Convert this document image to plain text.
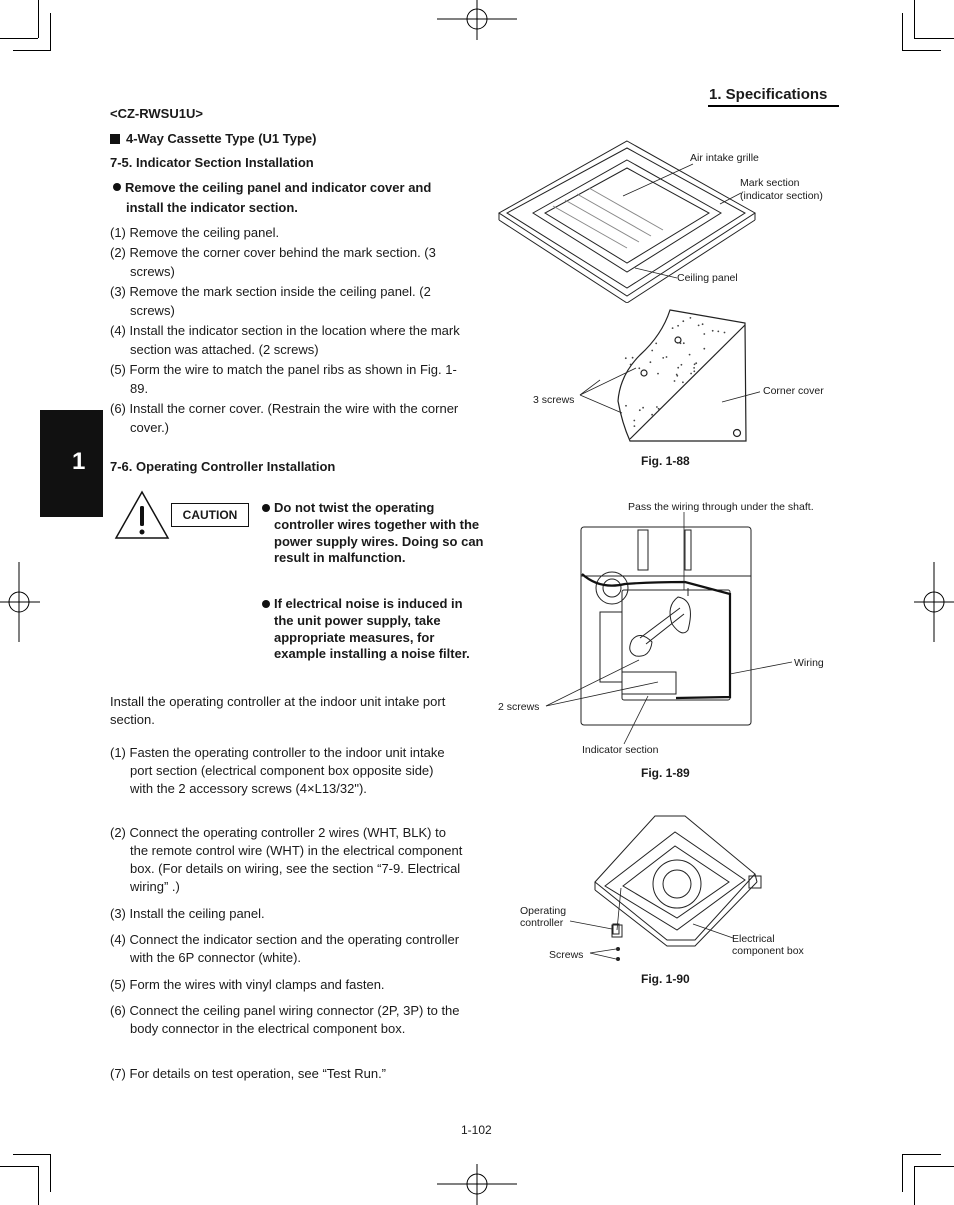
1. Specifications
<CZ-RWSU1U>
4-Way Cassette Type (U1 Type)
1
7-5. Indicator Section Installation
Remove the ceiling panel and indicator cover and
install the indicator section.
(1) Remove the ceiling panel.
(2) Remove the corner cover behind the mark section. (3 screws)
(3) Remove the mark section inside the ceiling panel. (2 screws)
(4) Install the indicator section in the location where the mark section was attached. (2 screws)
(5) Form the wire to match the panel ribs as shown in Fig. 1-89.
(6) Install the corner cover. (Restrain the wire with the corner cover.)
7-6. Operating Controller Installation
CAUTION	Do not twist the operating controller wires together with the power supply wires. Doing so can result in malfunction.
If electrical noise is induced in the unit power supply, take appropriate measures, for example installing a noise filter.
Install the operating controller at the indoor unit intake port section.
(1) Fasten the operating controller to the indoor unit intake port section (electrical component box opposite side) with the 2 accessory screws (4×L13/32").
(2) Connect the operating controller 2 wires (WHT, BLK) to the remote control wire (WHT) in the electrical component box. (For details on wiring, see the section “7-9. Electrical wiring” .)
(3) Install the ceiling panel.
(4) Connect the indicator section and the operating controller with the 6P connector (white).
(5) Form the wires with vinyl clamps and fasten.
(6) Connect the ceiling panel wiring connector (2P, 3P) to the body connector in the electrical component box.
(7) For details on test operation, see “Test Run.”
Air intake grille
Mark section
(indicator section)
Ceiling panel
3 screws
Corner cover
Fig. 1-88
Pass the wiring through under the shaft.
Wiring
2 screws
Indicator section
Fig. 1-89
Operating
controller
Screws
Electrical
component box
Fig. 1-90
1-102
